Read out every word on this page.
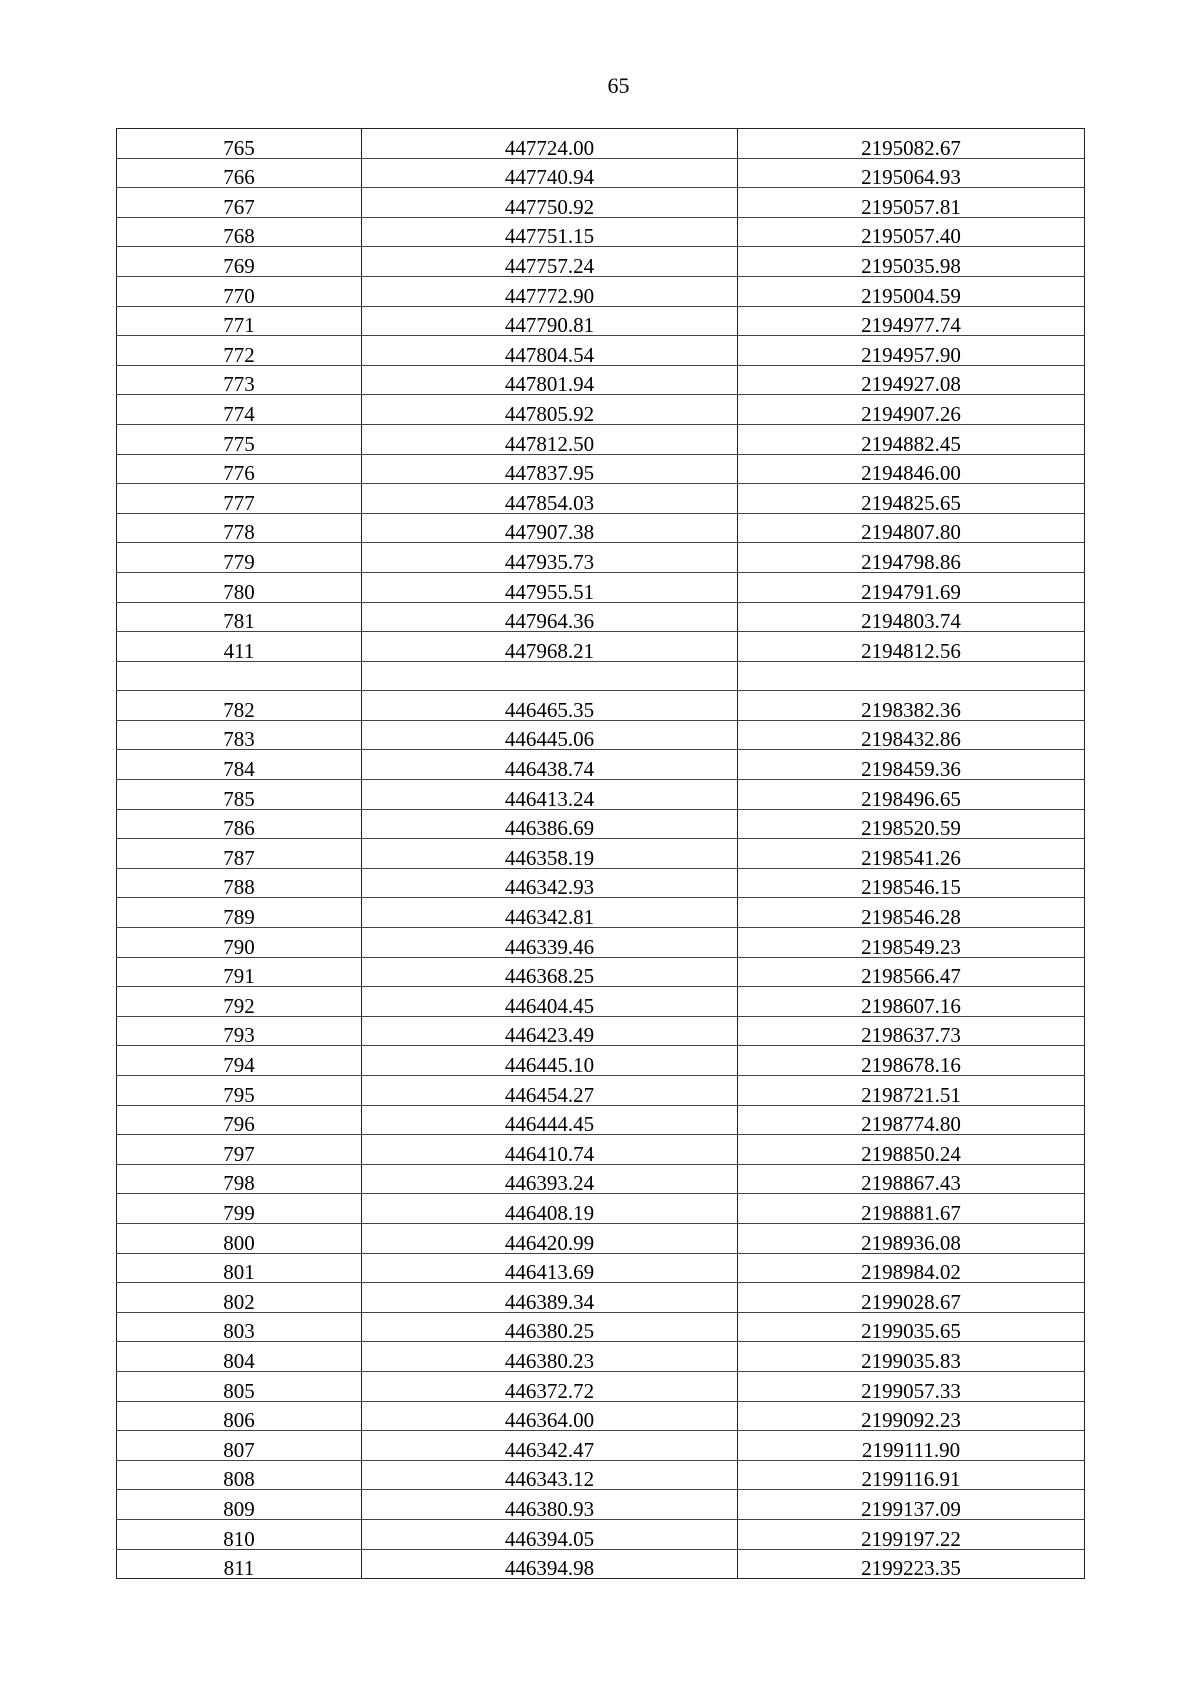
65
765	447724.00	2195082.67
766	447740.94	2195064.93
767	447750.92	2195057.81
768	447751.15	2195057.40
769	447757.24	2195035.98
770	447772.90	2195004.59
771	447790.81	2194977.74
772	447804.54	2194957.90
773	447801.94	2194927.08
774	447805.92	2194907.26
775	447812.50	2194882.45
776	447837.95	2194846.00
777	447854.03	2194825.65
778	447907.38	2194807.80
779	447935.73	2194798.86
780	447955.51	2194791.69
781	447964.36	2194803.74
411	447968.21	2194812.56

782	446465.35	2198382.36
783	446445.06	2198432.86
784	446438.74	2198459.36
785	446413.24	2198496.65
786	446386.69	2198520.59
787	446358.19	2198541.26
788	446342.93	2198546.15
789	446342.81	2198546.28
790	446339.46	2198549.23
791	446368.25	2198566.47
792	446404.45	2198607.16
793	446423.49	2198637.73
794	446445.10	2198678.16
795	446454.27	2198721.51
796	446444.45	2198774.80
797	446410.74	2198850.24
798	446393.24	2198867.43
799	446408.19	2198881.67
800	446420.99	2198936.08
801	446413.69	2198984.02
802	446389.34	2199028.67
803	446380.25	2199035.65
804	446380.23	2199035.83
805	446372.72	2199057.33
806	446364.00	2199092.23
807	446342.47	2199111.90
808	446343.12	2199116.91
809	446380.93	2199137.09
810	446394.05	2199197.22
811	446394.98	2199223.35
